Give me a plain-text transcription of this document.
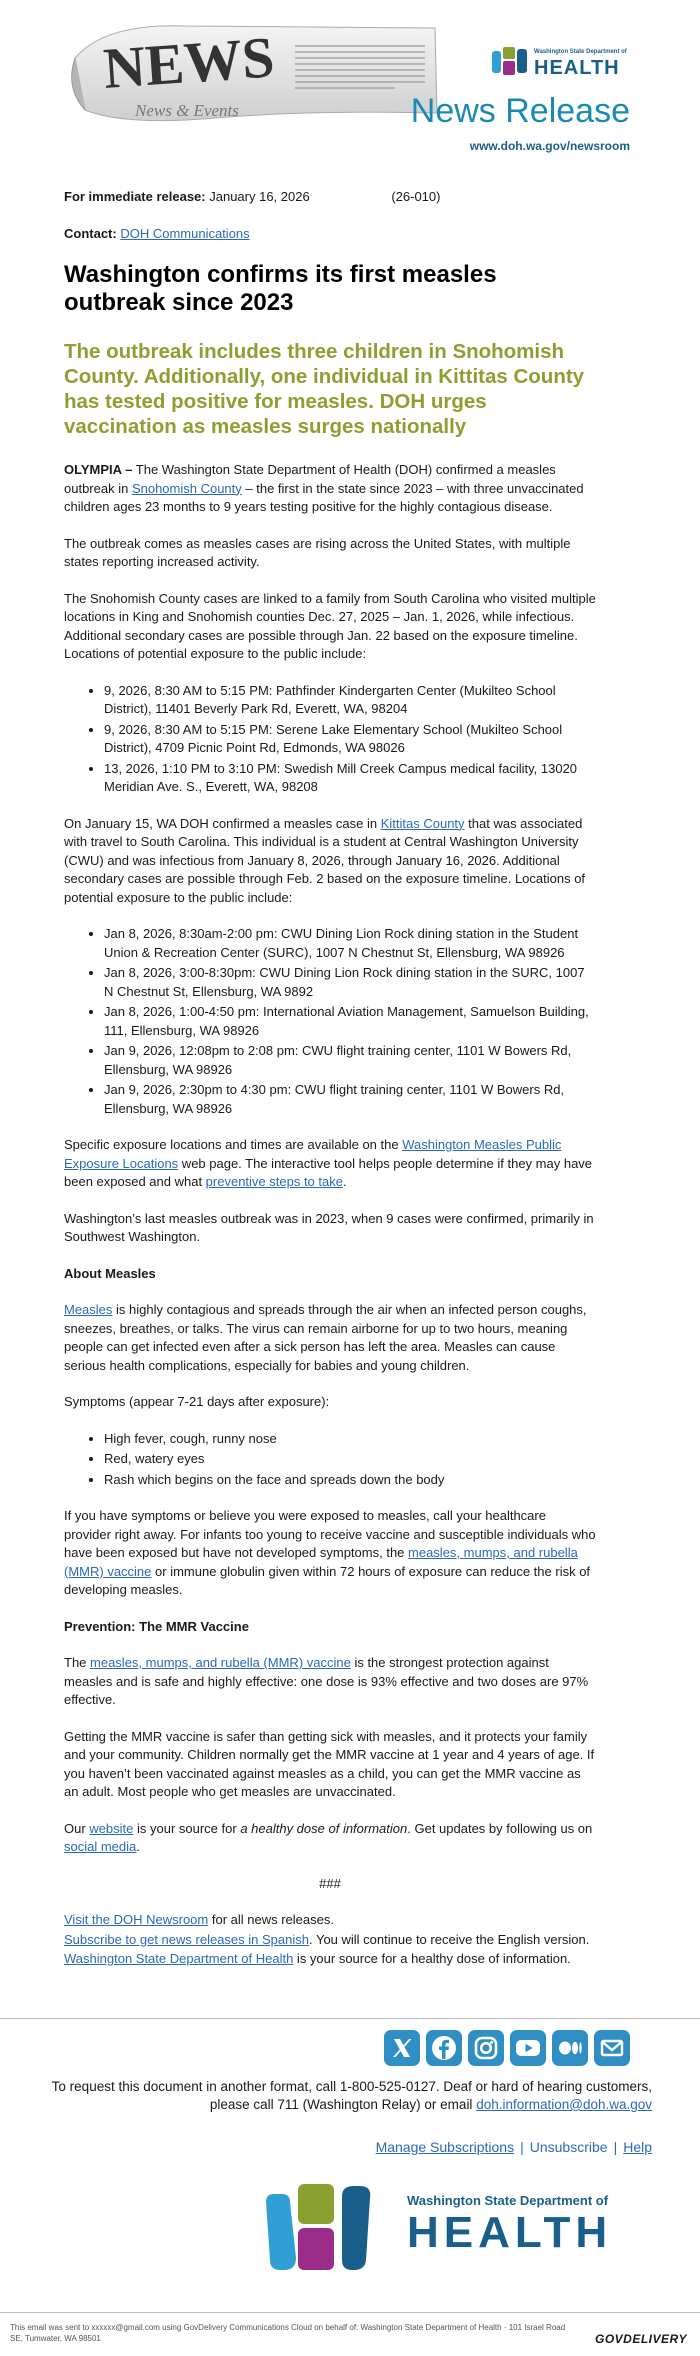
NEWS
News & Events
Washington State Department of
HEALTH
News Release
www.doh.wa.gov/newsroom
For immediate release: January 16, 2026	(26-010)
Contact: DOH Communications
Washington confirms its first measles outbreak since 2023
The outbreak includes three children in Snohomish County. Additionally, one individual in Kittitas County has tested positive for measles. DOH urges vaccination as measles surges nationally

OLYMPIA – The Washington State Department of Health (DOH) confirmed a measles outbreak in Snohomish County – the first in the state since 2023 – with three unvaccinated children ages 23 months to 9 years testing positive for the highly contagious disease.

The outbreak comes as measles cases are rising across the United States, with multiple states reporting increased activity.

The Snohomish County cases are linked to a family from South Carolina who visited multiple locations in King and Snohomish counties Dec. 27, 2025 – Jan. 1, 2026, while infectious. Additional secondary cases are possible through Jan. 22 based on the exposure timeline. Locations of potential exposure to the public include:

• 9, 2026, 8:30 AM to 5:15 PM: Pathfinder Kindergarten Center (Mukilteo School District), 11401 Beverly Park Rd, Everett, WA, 98204
• 9, 2026, 8:30 AM to 5:15 PM: Serene Lake Elementary School (Mukilteo School District), 4709 Picnic Point Rd, Edmonds, WA 98026
• 13, 2026, 1:10 PM to 3:10 PM: Swedish Mill Creek Campus medical facility, 13020 Meridian Ave. S., Everett, WA, 98208

On January 15, WA DOH confirmed a measles case in Kittitas County that was associated with travel to South Carolina. This individual is a student at Central Washington University (CWU) and was infectious from January 8, 2026, through January 16, 2026. Additional secondary cases are possible through Feb. 2 based on the exposure timeline. Locations of potential exposure to the public include:

• Jan 8, 2026, 8:30am-2:00 pm: CWU Dining Lion Rock dining station in the Student Union & Recreation Center (SURC), 1007 N Chestnut St, Ellensburg, WA 98926
• Jan 8, 2026, 3:00-8:30pm: CWU Dining Lion Rock dining station in the SURC, 1007 N Chestnut St, Ellensburg, WA 9892
• Jan 8, 2026, 1:00-4:50 pm: International Aviation Management, Samuelson Building, 111, Ellensburg, WA 98926
• Jan 9, 2026, 12:08pm to 2:08 pm: CWU flight training center, 1101 W Bowers Rd, Ellensburg, WA 98926
• Jan 9, 2026, 2:30pm to 4:30 pm: CWU flight training center, 1101 W Bowers Rd, Ellensburg, WA 98926

Specific exposure locations and times are available on the Washington Measles Public Exposure Locations web page. The interactive tool helps people determine if they may have been exposed and what preventive steps to take.

Washington’s last measles outbreak was in 2023, when 9 cases were confirmed, primarily in Southwest Washington.

About Measles

Measles is highly contagious and spreads through the air when an infected person coughs, sneezes, breathes, or talks. The virus can remain airborne for up to two hours, meaning people can get infected even after a sick person has left the area. Measles can cause serious health complications, especially for babies and young children.

Symptoms (appear 7-21 days after exposure):

• High fever, cough, runny nose
• Red, watery eyes
• Rash which begins on the face and spreads down the body

If you have symptoms or believe you were exposed to measles, call your healthcare provider right away. For infants too young to receive vaccine and susceptible individuals who have been exposed but have not developed symptoms, the measles, mumps, and rubella (MMR) vaccine or immune globulin given within 72 hours of exposure can reduce the risk of developing measles.

Prevention: The MMR Vaccine

The measles, mumps, and rubella (MMR) vaccine is the strongest protection against measles and is safe and highly effective: one dose is 93% effective and two doses are 97% effective.

Getting the MMR vaccine is safer than getting sick with measles, and it protects your family and your community. Children normally get the MMR vaccine at 1 year and 4 years of age. If you haven’t been vaccinated against measles as a child, you can get the MMR vaccine as an adult. Most people who get measles are unvaccinated.

Our website is your source for a healthy dose of information. Get updates by following us on social media.

###

Visit the DOH Newsroom for all news releases.

Subscribe to get news releases in Spanish. You will continue to receive the English version.

Washington State Department of Health is your source for a healthy dose of information.

To request this document in another format, call 1-800-525-0127. Deaf or hard of hearing customers, please call 711 (Washington Relay) or email doh.information@doh.wa.gov
Manage Subscriptions | Unsubscribe | Help
Washington State Department of
HEALTH
This email was sent to xxxxxx@gmail.com using GovDelivery Communications Cloud on behalf of: Washington State Department of Health · 101 Israel Road SE, Tumwater, WA 98501	GOVDELIVERY
